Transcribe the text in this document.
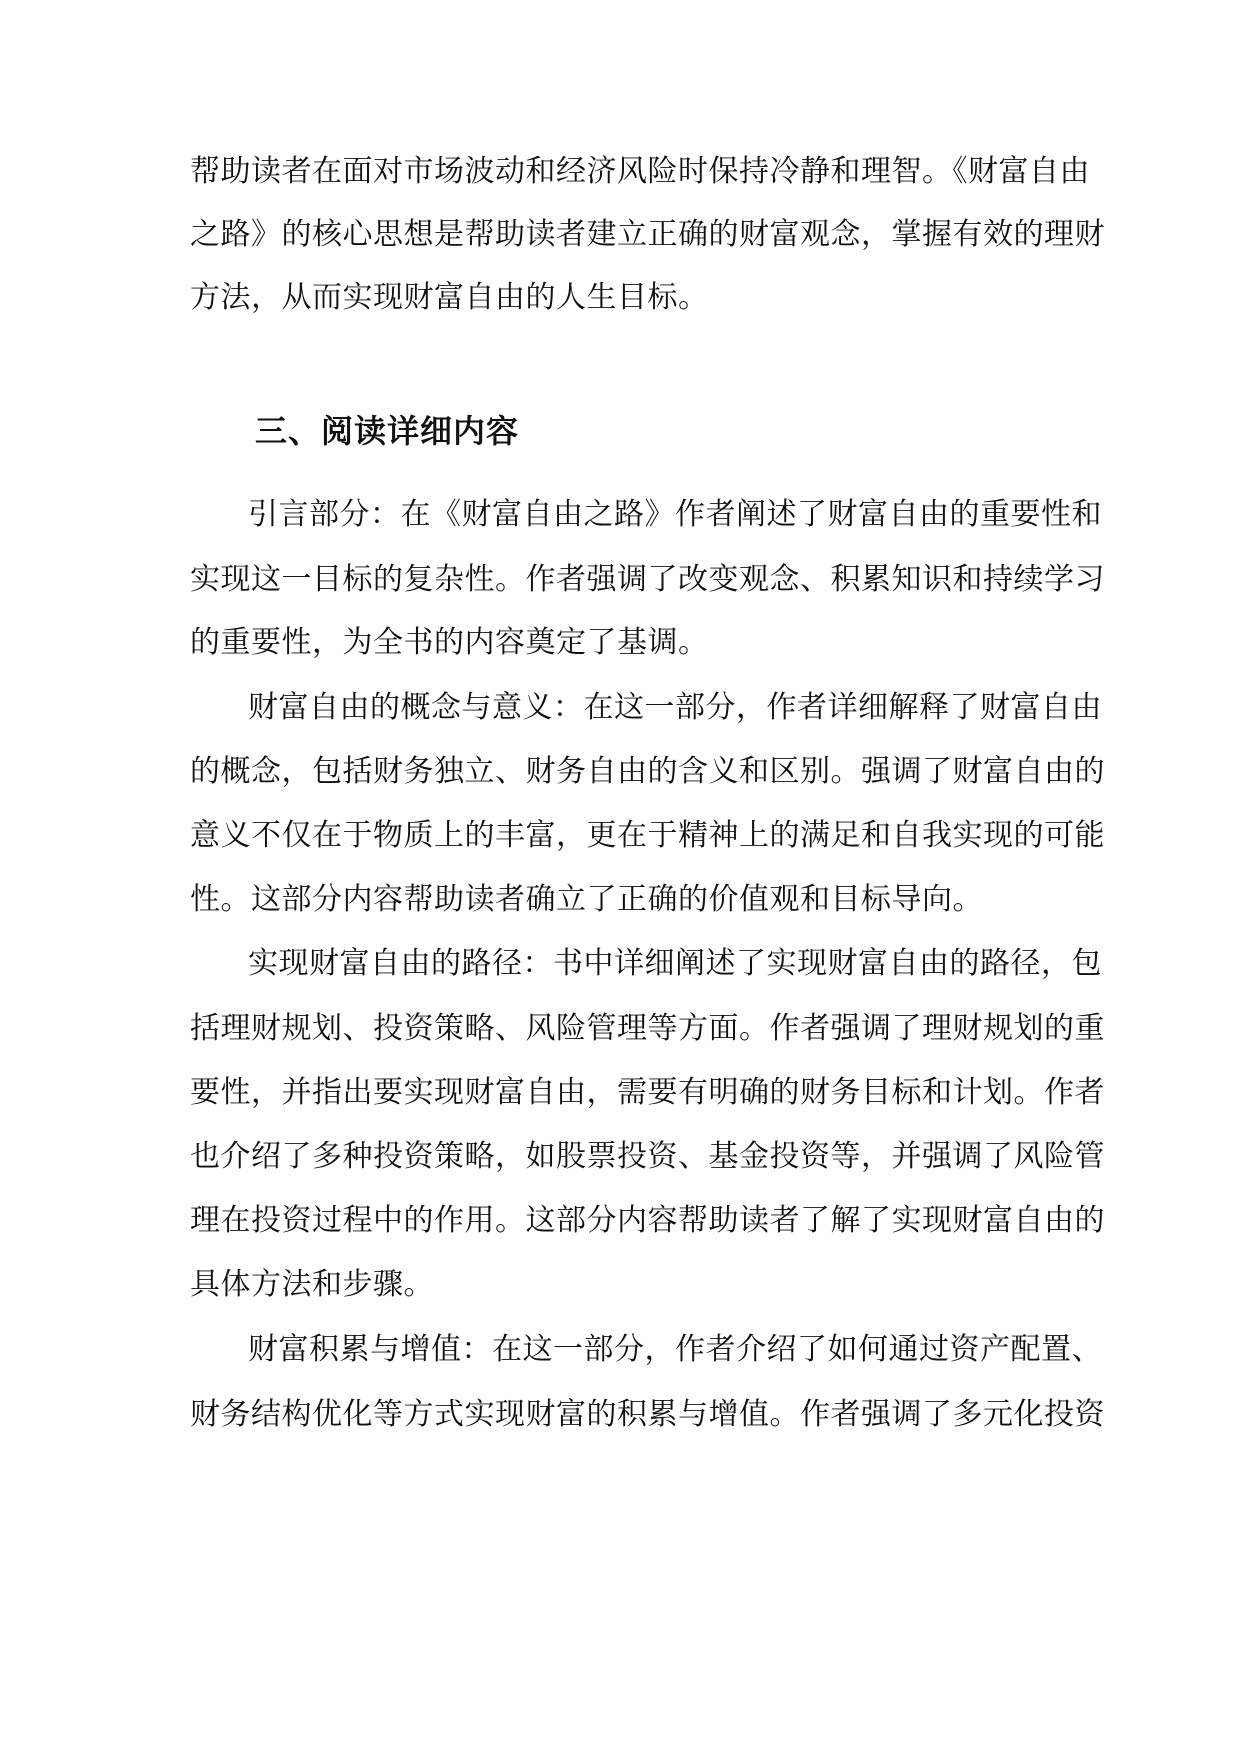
帮助读者在面对市场波动和经济风险时保持冷静和理智。《财富自由
之路》的核心思想是帮助读者建立正确的财富观念，掌握有效的理财
方法，从而实现财富自由的人生目标。
三、阅读详细内容
引言部分：在《财富自由之路》作者阐述了财富自由的重要性和
实现这一目标的复杂性。作者强调了改变观念、积累知识和持续学习
的重要性，为全书的内容奠定了基调。
财富自由的概念与意义：在这一部分，作者详细解释了财富自由
的概念，包括财务独立、财务自由的含义和区别。强调了财富自由的
意义不仅在于物质上的丰富，更在于精神上的满足和自我实现的可能
性。这部分内容帮助读者确立了正确的价值观和目标导向。
实现财富自由的路径：书中详细阐述了实现财富自由的路径，包
括理财规划、投资策略、风险管理等方面。作者强调了理财规划的重
要性，并指出要实现财富自由，需要有明确的财务目标和计划。作者
也介绍了多种投资策略，如股票投资、基金投资等，并强调了风险管
理在投资过程中的作用。这部分内容帮助读者了解了实现财富自由的
具体方法和步骤。
财富积累与增值：在这一部分，作者介绍了如何通过资产配置、
财务结构优化等方式实现财富的积累与增值。作者强调了多元化投资
